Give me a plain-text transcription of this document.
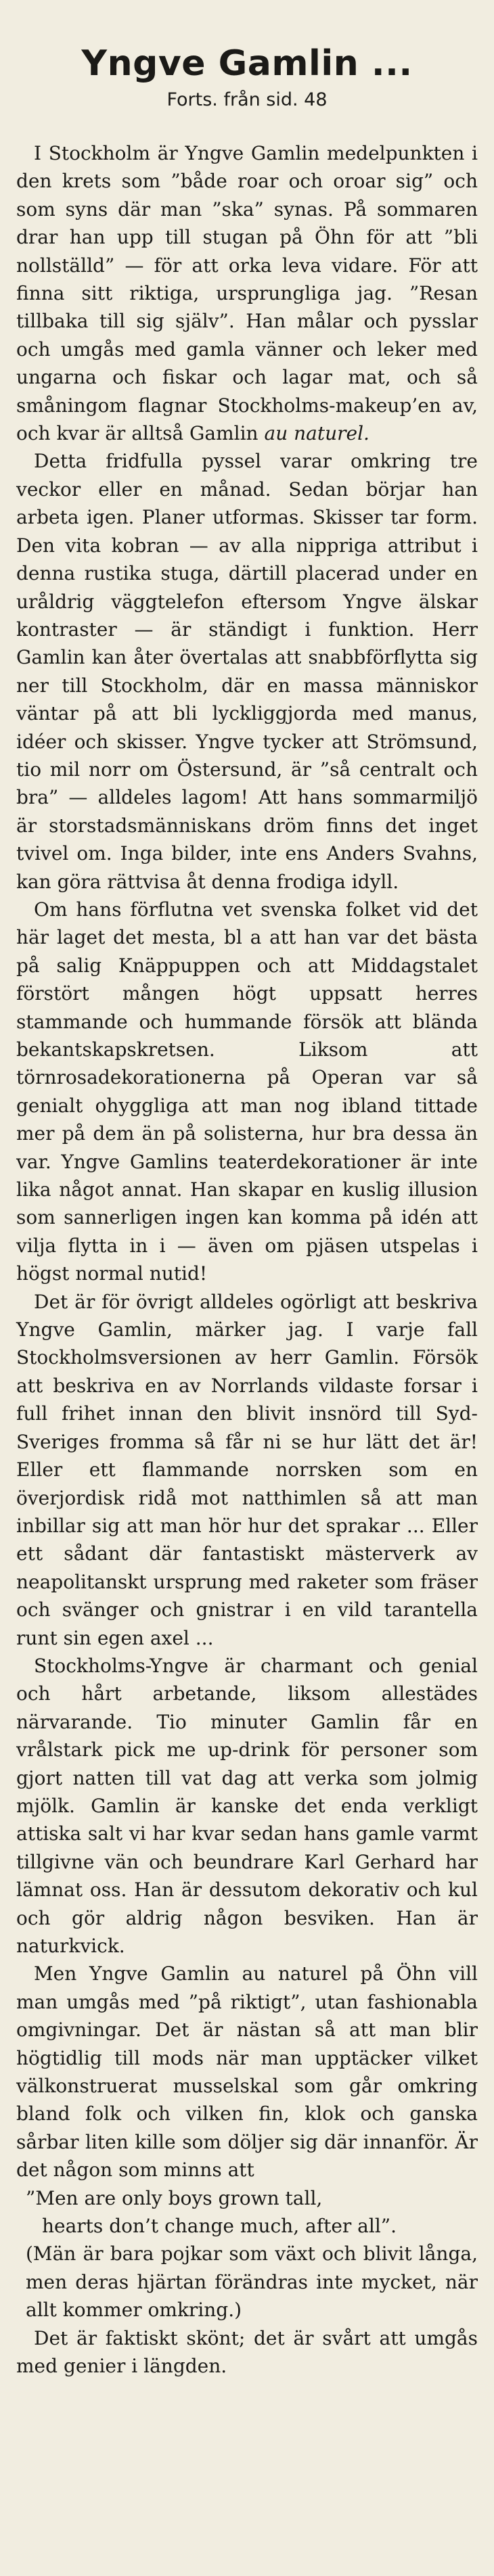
Yngve Gamlin ...
Forts. från sid. 48

I Stockholm är Yngve Gamlin medelpunkten i den krets som ”både roar och oroar sig” och som syns där man ”ska” synas. På sommaren drar han upp till stugan på Öhn för att ”bli nollställd” — för att orka leva vidare. För att finna sitt riktiga, ursprungliga jag. ”Resan tillbaka till sig själv”. Han målar och pysslar och umgås med gamla vänner och leker med ungarna och fiskar och lagar mat, och så småningom flagnar Stockholms-makeup’en av, och kvar är alltså Gamlin au naturel.

Detta fridfulla pyssel varar omkring tre veckor eller en månad. Sedan börjar han arbeta igen. Planer utformas. Skisser tar form. Den vita kobran — av alla nippriga attribut i denna rustika stuga, därtill placerad under en uråldrig väggtelefon eftersom Yngve älskar kontraster — är ständigt i funktion. Herr Gamlin kan åter övertalas att snabbförflytta sig ner till Stockholm, där en massa människor väntar på att bli lyckliggjorda med manus, idéer och skisser. Yngve tycker att Strömsund, tio mil norr om Östersund, är ”så centralt och bra” — alldeles lagom! Att hans sommarmiljö är storstadsmänniskans dröm finns det inget tvivel om. Inga bilder, inte ens Anders Svahns, kan göra rättvisa åt denna frodiga idyll.

Om hans förflutna vet svenska folket vid det här laget det mesta, bl a att han var det bästa på salig Knäppuppen och att Middagstalet förstört mången högt uppsatt herres stammande och hummande försök att blända bekantskapskretsen. Liksom att törnrosadekorationerna på Operan var så genialt ohyggliga att man nog ibland tittade mer på dem än på solisterna, hur bra dessa än var. Yngve Gamlins teaterdekorationer är inte lika något annat. Han skapar en kuslig illusion som sannerligen ingen kan komma på idén att vilja flytta in i — även om pjäsen utspelas i högst normal nutid!

Det är för övrigt alldeles ogörligt att beskriva Yngve Gamlin, märker jag. I varje fall Stockholmsversionen av herr Gamlin. Försök att beskriva en av Norrlands vildaste forsar i full frihet innan den blivit insnörd till Syd-Sveriges fromma så får ni se hur lätt det är! Eller ett flammande norrsken som en överjordisk ridå mot natthimlen så att man inbillar sig att man hör hur det sprakar ... Eller ett sådant där fantastiskt mästerverk av neapolitanskt ursprung med raketer som fräser och svänger och gnistrar i en vild tarantella runt sin egen axel ...

Stockholms-Yngve är charmant och genial och hårt arbetande, liksom allestädes närvarande. Tio minuter Gamlin får en vrålstark pick me up-drink för personer som gjort natten till vat dag att verka som jolmig mjölk. Gamlin är kanske det enda verkligt attiska salt vi har kvar sedan hans gamle varmt tillgivne vän och beundrare Karl Gerhard har lämnat oss. Han är dessutom dekorativ och kul och gör aldrig någon besviken. Han är naturkvick.

Men Yngve Gamlin au naturel på Öhn vill man umgås med ”på riktigt”, utan fashionabla omgivningar. Det är nästan så att man blir högtidlig till mods när man upptäcker vilket välkonstruerat musselskal som går omkring bland folk och vilken fin, klok och ganska sårbar liten kille som döljer sig där innanför. Är det någon som minns att

”Men are only boys grown tall,
hearts don’t change much, after all”.
(Män är bara pojkar som växt och blivit långa, men deras hjärtan förändras inte mycket, när allt kommer omkring.)

Det är faktiskt skönt; det är svårt att umgås med genier i längden.
